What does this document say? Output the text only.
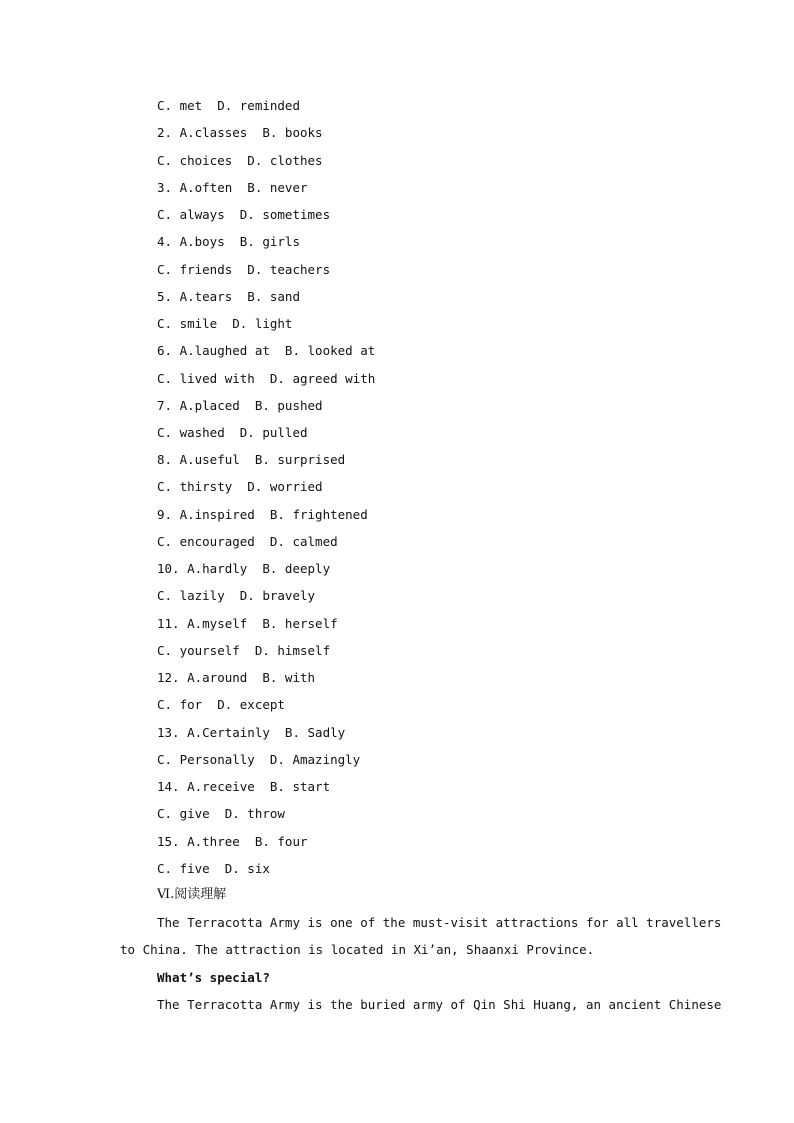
C. met  D. reminded
2. A.classes  B. books
C. choices  D. clothes
3. A.often  B. never
C. always  D. sometimes
4. A.boys  B. girls
C. friends  D. teachers
5. A.tears  B. sand
C. smile  D. light
6. A.laughed at  B. looked at
C. lived with  D. agreed with
7. A.placed  B. pushed
C. washed  D. pulled
8. A.useful  B. surprised
C. thirsty  D. worried
9. A.inspired  B. frightened
C. encouraged  D. calmed
10. A.hardly  B. deeply
C. lazily  D. bravely
11. A.myself  B. herself
C. yourself  D. himself
12. A.around  B. with
C. for  D. except
13. A.Certainly  B. Sadly
C. Personally  D. Amazingly
14. A.receive  B. start
C. give  D. throw
15. A.three  B. four
C. five  D. six
Ⅵ.阅读理解
The Terracotta Army is one of the must-visit attractions for all travellers
to China. The attraction is located in Xi’an, Shaanxi Province.
What’s special?
The Terracotta Army is the buried army of Qin Shi Huang, an ancient Chinese
